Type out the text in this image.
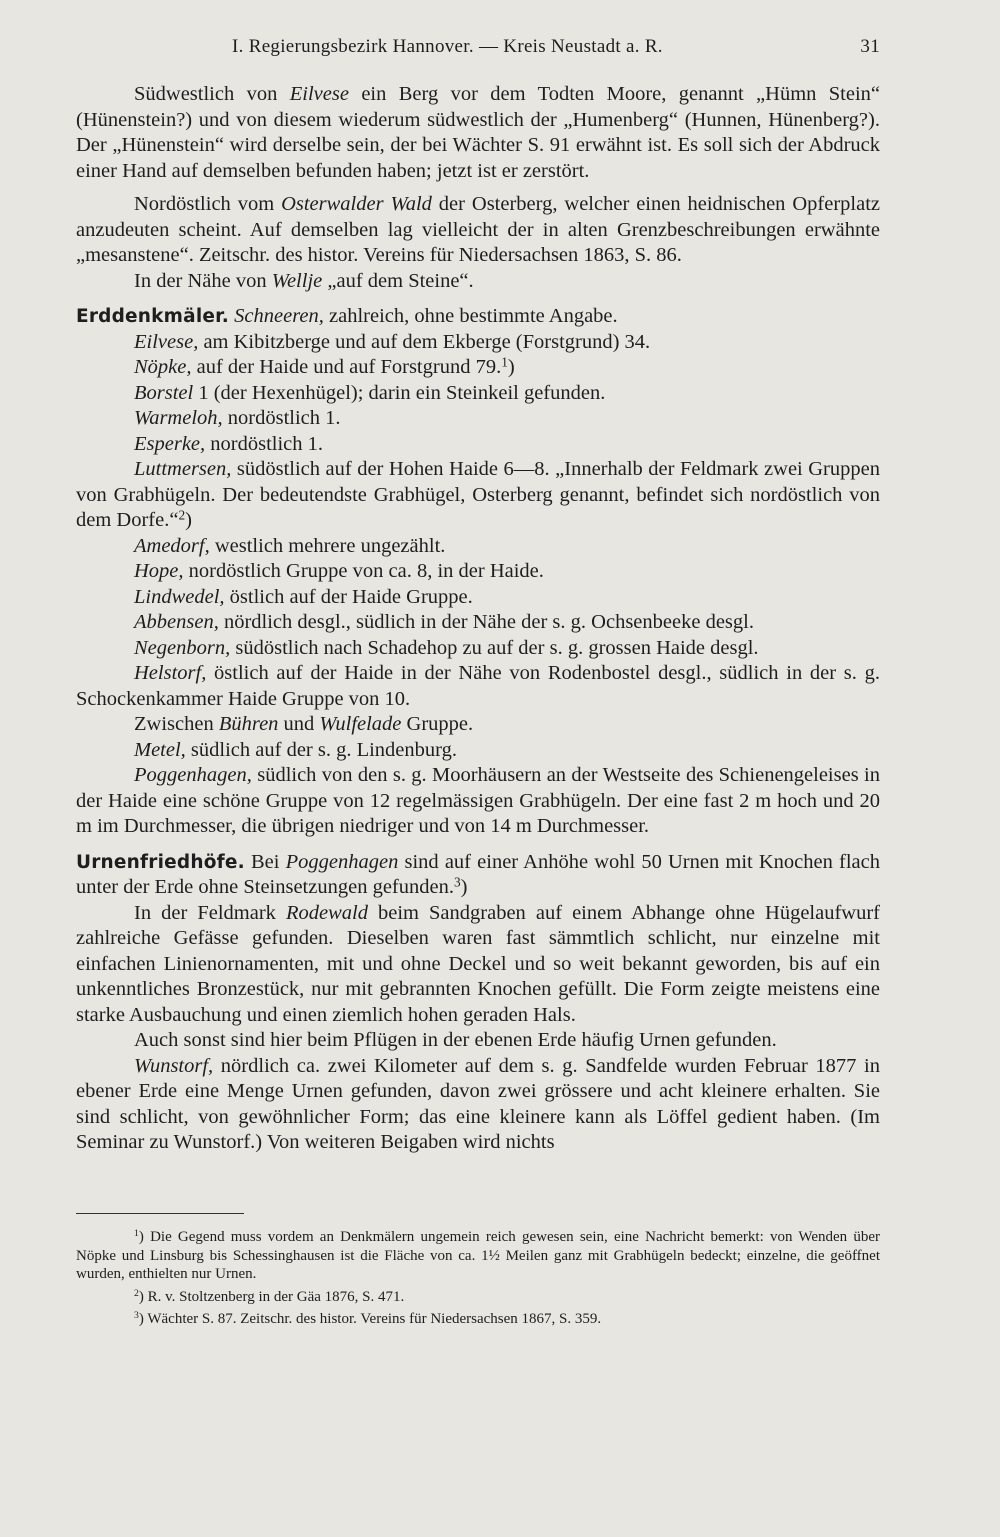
I. Regierungsbezirk Hannover. — Kreis Neustadt a. R.	31

Südwestlich von Eilvese ein Berg vor dem Todten Moore, genannt „Hümn Stein“ (Hünenstein?) und von diesem wiederum südwestlich der „Humenberg“ (Hunnen, Hünenberg?). Der „Hünenstein“ wird derselbe sein, der bei Wächter S. 91 erwähnt ist. Es soll sich der Abdruck einer Hand auf demselben befunden haben; jetzt ist er zerstört.

Nordöstlich vom Osterwalder Wald der Osterberg, welcher einen heidnischen Opferplatz anzudeuten scheint. Auf demselben lag vielleicht der in alten Grenzbeschreibungen erwähnte „mesanstene“. Zeitschr. des histor. Vereins für Niedersachsen 1863, S. 86.

In der Nähe von Wellje „auf dem Steine“.

Erddenkmäler. Schneeren, zahlreich, ohne bestimmte Angabe.

Eilvese, am Kibitzberge und auf dem Ekberge (Forstgrund) 34.

Nöpke, auf der Haide und auf Forstgrund 79.$^1$)

Borstel 1 (der Hexenhügel); darin ein Steinkeil gefunden.

Warmeloh, nordöstlich 1.

Esperke, nordöstlich 1.

Luttmersen, südöstlich auf der Hohen Haide 6—8. „Innerhalb der Feldmark zwei Gruppen von Grabhügeln. Der bedeutendste Grabhügel, Osterberg genannt, befindet sich nordöstlich von dem Dorfe.“$^2$)

Amedorf, westlich mehrere ungezählt.

Hope, nordöstlich Gruppe von ca. 8, in der Haide.

Lindwedel, östlich auf der Haide Gruppe.

Abbensen, nördlich desgl., südlich in der Nähe der s. g. Ochsenbeeke desgl.

Negenborn, südöstlich nach Schadehop zu auf der s. g. grossen Haide desgl.

Helstorf, östlich auf der Haide in der Nähe von Rodenbostel desgl., südlich in der s. g. Schockenkammer Haide Gruppe von 10.

Zwischen Bühren und Wulfelade Gruppe.

Metel, südlich auf der s. g. Lindenburg.

Poggenhagen, südlich von den s. g. Moorhäusern an der Westseite des Schienengeleises in der Haide eine schöne Gruppe von 12 regelmässigen Grabhügeln. Der eine fast 2 m hoch und 20 m im Durchmesser, die übrigen niedriger und von 14 m Durchmesser.

Urnenfriedhöfe. Bei Poggenhagen sind auf einer Anhöhe wohl 50 Urnen mit Knochen flach unter der Erde ohne Steinsetzungen gefunden.$^3$)

In der Feldmark Rodewald beim Sandgraben auf einem Abhange ohne Hügelaufwurf zahlreiche Gefässe gefunden. Dieselben waren fast sämmtlich schlicht, nur einzelne mit einfachen Linienornamenten, mit und ohne Deckel und so weit bekannt geworden, bis auf ein unkenntliches Bronzestück, nur mit gebrannten Knochen gefüllt. Die Form zeigte meistens eine starke Ausbauchung und einen ziemlich hohen geraden Hals.

Auch sonst sind hier beim Pflügen in der ebenen Erde häufig Urnen gefunden.

Wunstorf, nördlich ca. zwei Kilometer auf dem s. g. Sandfelde wurden Februar 1877 in ebener Erde eine Menge Urnen gefunden, davon zwei grössere und acht kleinere erhalten. Sie sind schlicht, von gewöhnlicher Form; das eine kleinere kann als Löffel gedient haben. (Im Seminar zu Wunstorf.) Von weiteren Beigaben wird nichts

$^1$) Die Gegend muss vordem an Denkmälern ungemein reich gewesen sein, eine Nachricht bemerkt: von Wenden über Nöpke und Linsburg bis Schessinghausen ist die Fläche von ca. 1½ Meilen ganz mit Grabhügeln bedeckt; einzelne, die geöffnet wurden, enthielten nur Urnen.

$^2$) R. v. Stoltzenberg in der Gäa 1876, S. 471.

$^3$) Wächter S. 87. Zeitschr. des histor. Vereins für Niedersachsen 1867, S. 359.
